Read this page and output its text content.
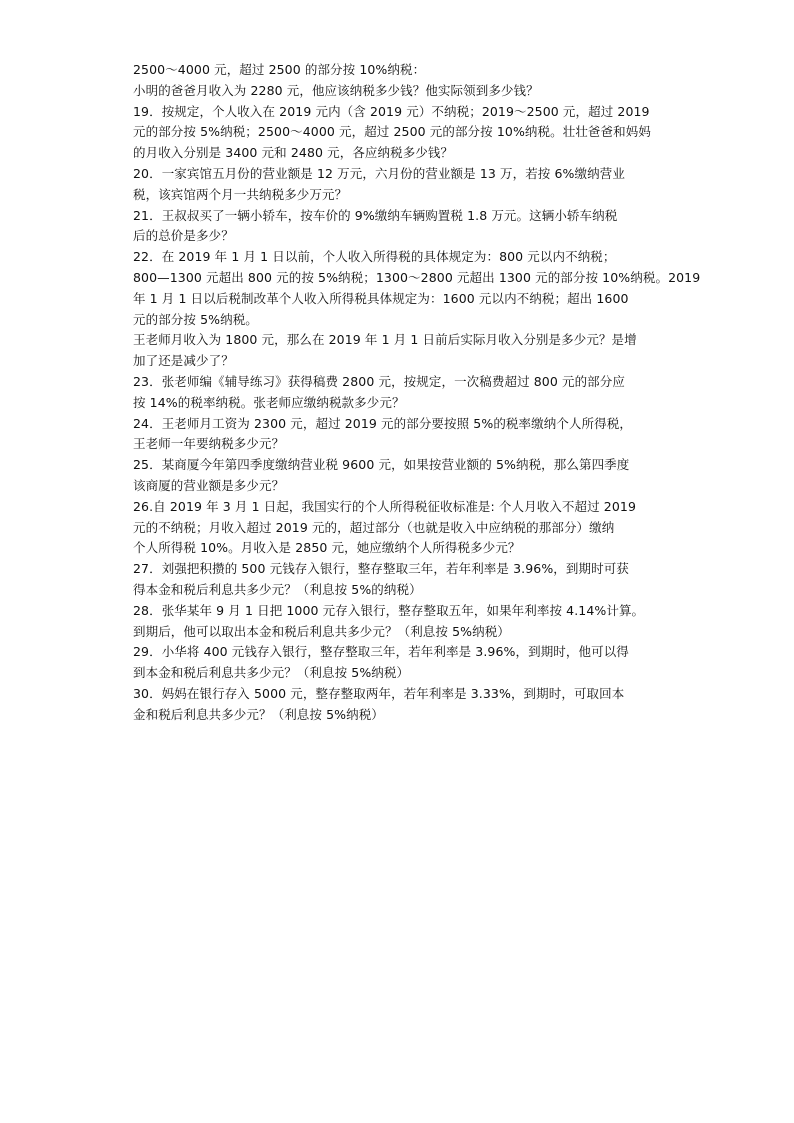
2500～4000 元，超过 2500 的部分按 10%纳税：
小明的爸爸月收入为 2280 元，他应该纳税多少钱？他实际领到多少钱？
19．按规定，个人收入在 2019 元内（含 2019 元）不纳税；2019～2500 元，超过 2019
元的部分按 5%纳税；2500～4000 元，超过 2500 元的部分按 10%纳税。壮壮爸爸和妈妈
的月收入分别是 3400 元和 2480 元，各应纳税多少钱？
20．一家宾馆五月份的营业额是 12 万元，六月份的营业额是 13 万，若按 6%缴纳营业
税，该宾馆两个月一共纳税多少万元？
21．王叔叔买了一辆小轿车，按车价的 9%缴纳车辆购置税 1.8 万元。这辆小轿车纳税
后的总价是多少？
22．在 2019 年 1 月 1 日以前，个人收入所得税的具体规定为：800 元以内不纳税；
800—1300 元超出 800 元的按 5%纳税；1300～2800 元超出 1300 元的部分按 10%纳税。2019
年 1 月 1 日以后税制改革个人收入所得税具体规定为：1600 元以内不纳税；超出 1600
元的部分按 5%纳税。
王老师月收入为 1800 元，那么在 2019 年 1 月 1 日前后实际月收入分别是多少元？是增
加了还是减少了？
23．张老师编《辅导练习》获得稿费 2800 元，按规定，一次稿费超过 800 元的部分应
按 14%的税率纳税。张老师应缴纳税款多少元？
24．王老师月工资为 2300 元，超过 2019 元的部分要按照 5%的税率缴纳个人所得税，
王老师一年要纳税多少元？
25．某商厦今年第四季度缴纳营业税 9600 元，如果按营业额的 5%纳税，那么第四季度
该商厦的营业额是多少元？
26.自 2019 年 3 月 1 日起，我国实行的个人所得税征收标准是: 个人月收入不超过 2019
元的不纳税；月收入超过 2019 元的，超过部分（也就是收入中应纳税的那部分）缴纳
个人所得税 10%。月收入是 2850 元，她应缴纳个人所得税多少元？
27．刘强把积攒的 500 元钱存入银行，整存整取三年，若年利率是 3.96%，到期时可获
得本金和税后利息共多少元？（利息按 5%的纳税）
28．张华某年 9 月 1 日把 1000 元存入银行，整存整取五年，如果年利率按 4.14%计算。
到期后，他可以取出本金和税后利息共多少元？（利息按 5%纳税）
29．小华将 400 元钱存入银行，整存整取三年，若年利率是 3.96%，到期时，他可以得
到本金和税后利息共多少元？（利息按 5%纳税）
30．妈妈在银行存入 5000 元，整存整取两年，若年利率是 3.33%，到期时，可取回本
金和税后利息共多少元？（利息按 5%纳税）
